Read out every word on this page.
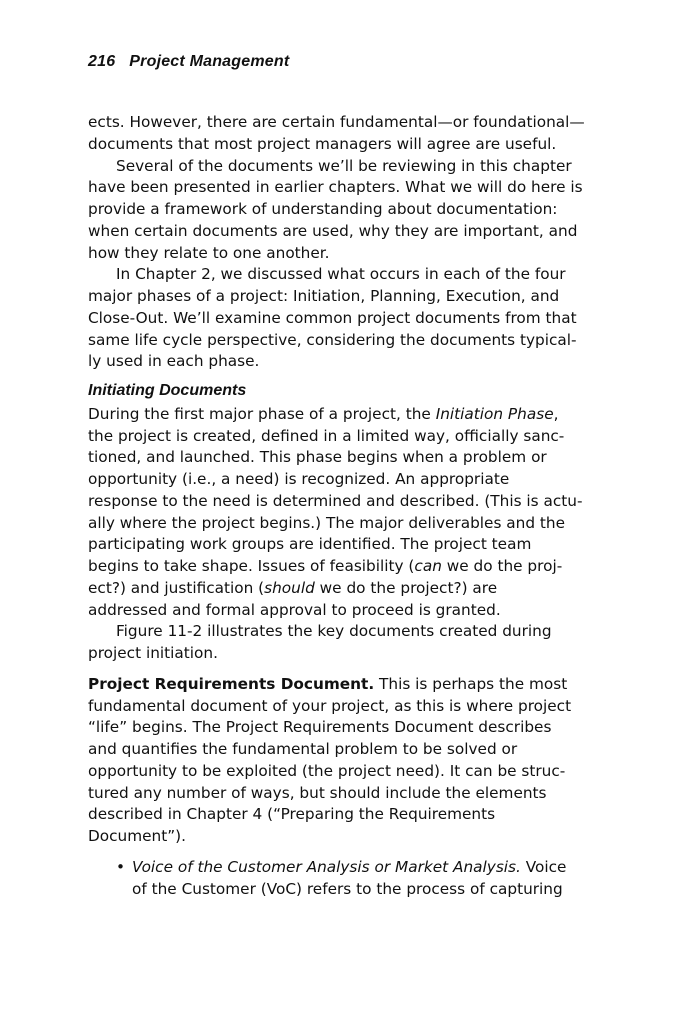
216 Project Management
ects. However, there are certain fundamental—or foundational—
documents that most project managers will agree are useful.
Several of the documents we’ll be reviewing in this chapter
have been presented in earlier chapters. What we will do here is
provide a framework of understanding about documentation:
when certain documents are used, why they are important, and
how they relate to one another.
In Chapter 2, we discussed what occurs in each of the four
major phases of a project: Initiation, Planning, Execution, and
Close-Out. We’ll examine common project documents from that
same life cycle perspective, considering the documents typical-
ly used in each phase.
Initiating Documents
During the first major phase of a project, the Initiation Phase,
the project is created, defined in a limited way, officially sanc-
tioned, and launched. This phase begins when a problem or
opportunity (i.e., a need) is recognized. An appropriate
response to the need is determined and described. (This is actu-
ally where the project begins.) The major deliverables and the
participating work groups are identified. The project team
begins to take shape. Issues of feasibility (can we do the proj-
ect?) and justification (should we do the project?) are
addressed and formal approval to proceed is granted.
Figure 11-2 illustrates the key documents created during
project initiation.
Project Requirements Document. This is perhaps the most
fundamental document of your project, as this is where project
“life” begins. The Project Requirements Document describes
and quantifies the fundamental problem to be solved or
opportunity to be exploited (the project need). It can be struc-
tured any number of ways, but should include the elements
described in Chapter 4 (“Preparing the Requirements
Document”).
• Voice of the Customer Analysis or Market Analysis. Voice
of the Customer (VoC) refers to the process of capturing
